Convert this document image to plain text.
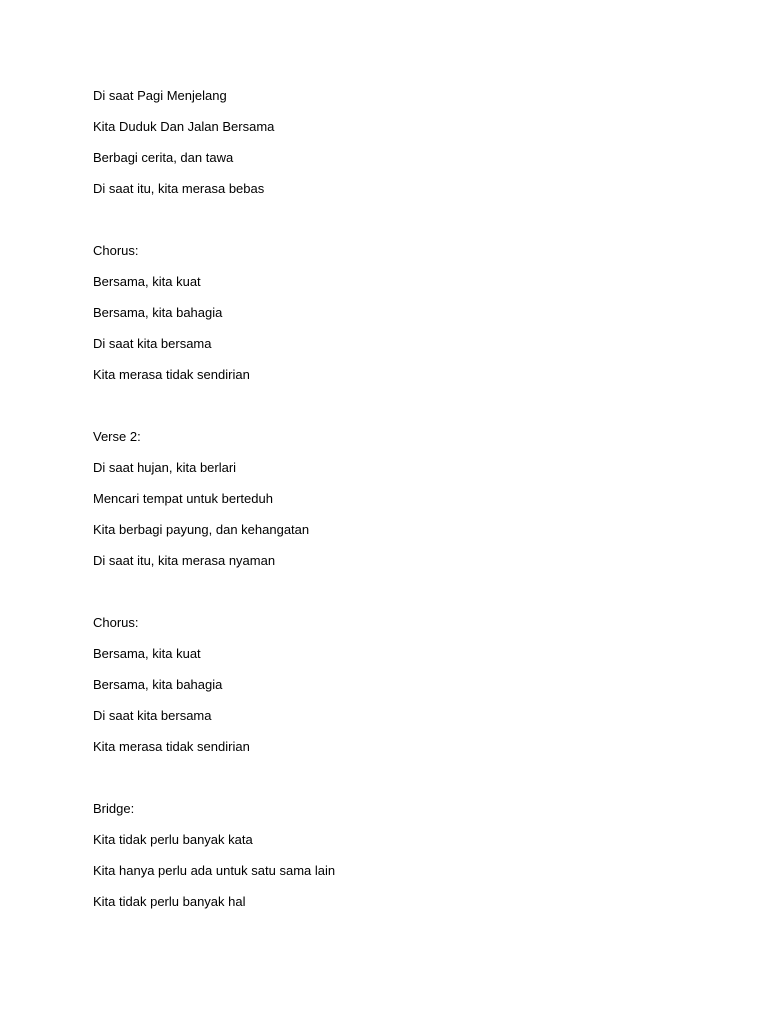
Di saat Pagi Menjelang
Kita Duduk Dan Jalan Bersama
Berbagi cerita, dan tawa
Di saat itu, kita merasa bebas
Chorus:
Bersama, kita kuat
Bersama, kita bahagia
Di saat kita bersama
Kita merasa tidak sendirian
Verse 2:
Di saat hujan, kita berlari
Mencari tempat untuk berteduh
Kita berbagi payung, dan kehangatan
Di saat itu, kita merasa nyaman
Chorus:
Bersama, kita kuat
Bersama, kita bahagia
Di saat kita bersama
Kita merasa tidak sendirian
Bridge:
Kita tidak perlu banyak kata
Kita hanya perlu ada untuk satu sama lain
Kita tidak perlu banyak hal
